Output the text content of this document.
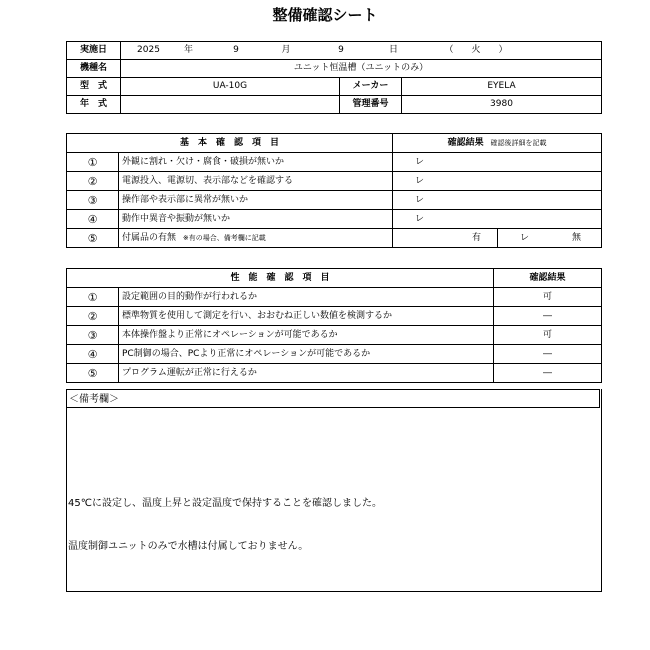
整備確認シート
実施日	2025 年 9 月 9 日 （　　火　　）		
機種名	ユニット恒温槽（ユニットのみ）		
型　式	UA-10G	メーカー	EYELA
年　式		管理番号	3980
基　本　確　認　項　目		確認結果 確認後詳細を記載	
①	外観に割れ・欠け・腐食・破損が無いか	レ	
②	電源投入、電源切、表示部などを確認する	レ	
③	操作部や表示部に異常が無いか	レ	
④	動作中異音や振動が無いか	レ	
⑤	付属品の有無 ※有の場合、備考欄に記載	有	レ 無
性　能　確　認　項　目		確認結果
①	設定範囲の目的動作が行われるか	可
②	標準物質を使用して測定を行い、おおむね正しい数値を検測するか	―
③	本体操作盤より正常にオペレーションが可能であるか	可
④	PC制御の場合、PCより正常にオペレーションが可能であるか	―
⑤	プログラム運転が正常に行えるか	―
＜備考欄＞
45℃に設定し、温度上昇と設定温度で保持することを確認しました。
温度制御ユニットのみで水槽は付属しておりません。
